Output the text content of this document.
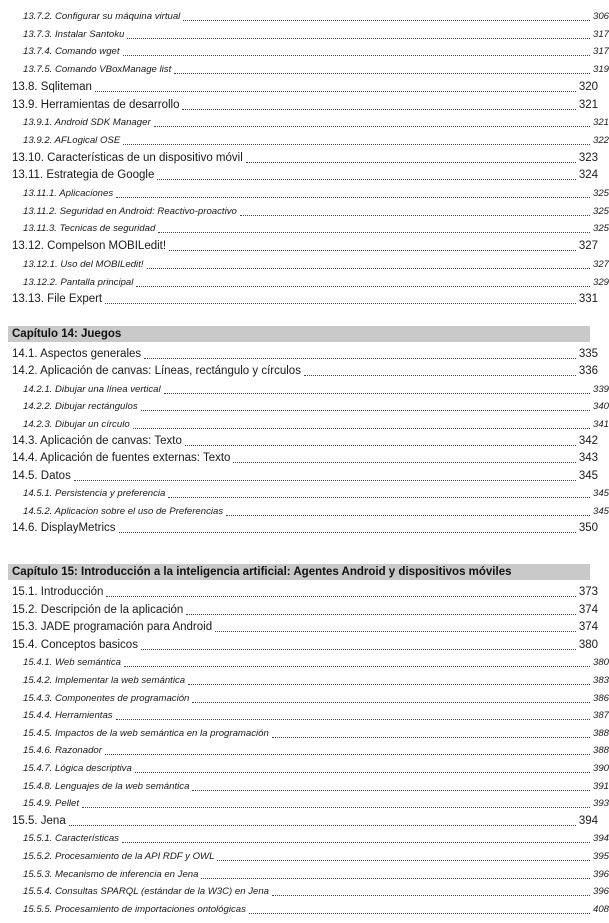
Capítulo 14: Juegos
Capítulo 15: Introducción a la inteligencia artificial: Agentes Android y dispositivos móviles
13.7.2. Configurar su máquina virtual	306
13.7.3. Instalar Santoku	317
13.7.4. Comando wget	317
13.7.5. Comando VBoxManage list	319
13.8. Sqliteman	320
13.9. Herramientas de desarrollo	321
13.9.1. Android SDK Manager	321
13.9.2. AFLogical OSE	322
13.10. Características de un dispositivo móvil	323
13.11. Estrategia de Google	324
13.11.1. Aplicaciones	325
13.11.2. Seguridad en Android: Reactivo-proactivo	325
13.11.3. Tecnicas de seguridad	325
13.12. Compelson MOBILedit!	327
13.12.1. Uso del MOBILedit!	327
13.12.2. Pantalla principal	329
13.13. File Expert	331
14.1. Aspectos generales	335
14.2. Aplicación de canvas: Líneas, rectángulo y círculos	336
14.2.1. Dibujar una línea vertical	339
14.2.2. Dibujar rectángulos	340
14.2.3. Dibujar un círculo	341
14.3. Aplicación de canvas: Texto	342
14.4. Aplicación de fuentes externas: Texto	343
14.5. Datos	345
14.5.1. Persistencia y preferencia	345
14.5.2. Aplicacion sobre el uso de Preferencias	345
14.6. DisplayMetrics	350
15.1. Introducción	373
15.2. Descripción de la aplicación	374
15.3. JADE programación para Android	374
15.4. Conceptos basicos	380
15.4.1. Web semántica	380
15.4.2. Implementar la web semántica	383
15.4.3. Componentes de programación	386
15.4.4. Herramientas	387
15.4.5. Impactos de la web semántica en la programación	388
15.4.6. Razonador	388
15.4.7. Lógica descriptiva	390
15.4.8. Lenguajes de la web semántica	391
15.4.9. Pellet	393
15.5. Jena	394
15.5.1. Características	394
15.5.2. Procesamiento de la API RDF y OWL	395
15.5.3. Mecanismo de inferencia en Jena	396
15.5.4. Consultas SPARQL (estándar de la W3C) en Jena	396
15.5.5. Procesamiento de importaciones ontológicas	408
